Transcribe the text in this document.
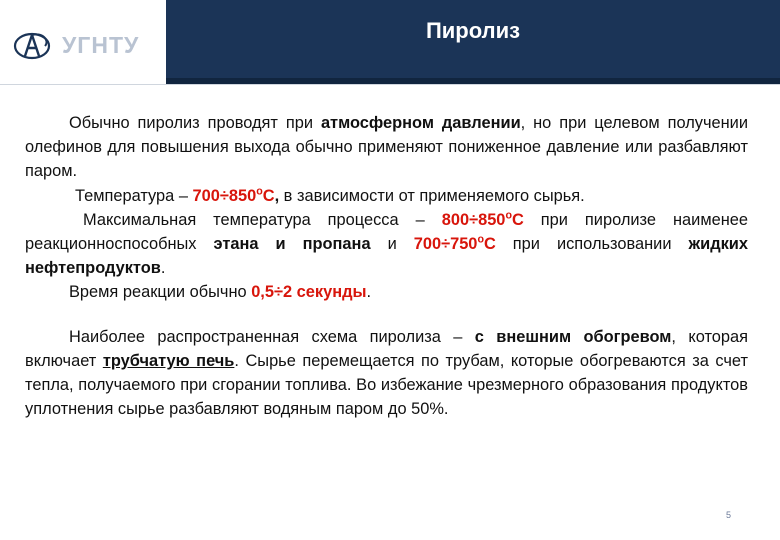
УГНТУ
Пиролиз

Обычно пиролиз проводят при атмосферном давлении, но при целевом получении олефинов для повышения выхода обычно применяют пониженное давление или разбавляют паром.

Температура – $700\div 850^оС$, в зависимости от применяемого сырья.

Максимальная температура процесса – $800\div 850^оС$ при пиролизе наименее реакционноспособных этана и пропана и $700\div 750^оС$ при использовании жидких нефтепродуктов.

Время реакции обычно 0,5÷2 секунды.

Наиболее распространенная схема пиролиза – с внешним обогревом, которая включает трубчатую печь. Сырье перемещается по трубам, которые обогреваются за счет тепла, получаемого при сгорании топлива. Во избежание чрезмерного образования продуктов уплотнения сырье разбавляют водяным паром до 50%.

5
